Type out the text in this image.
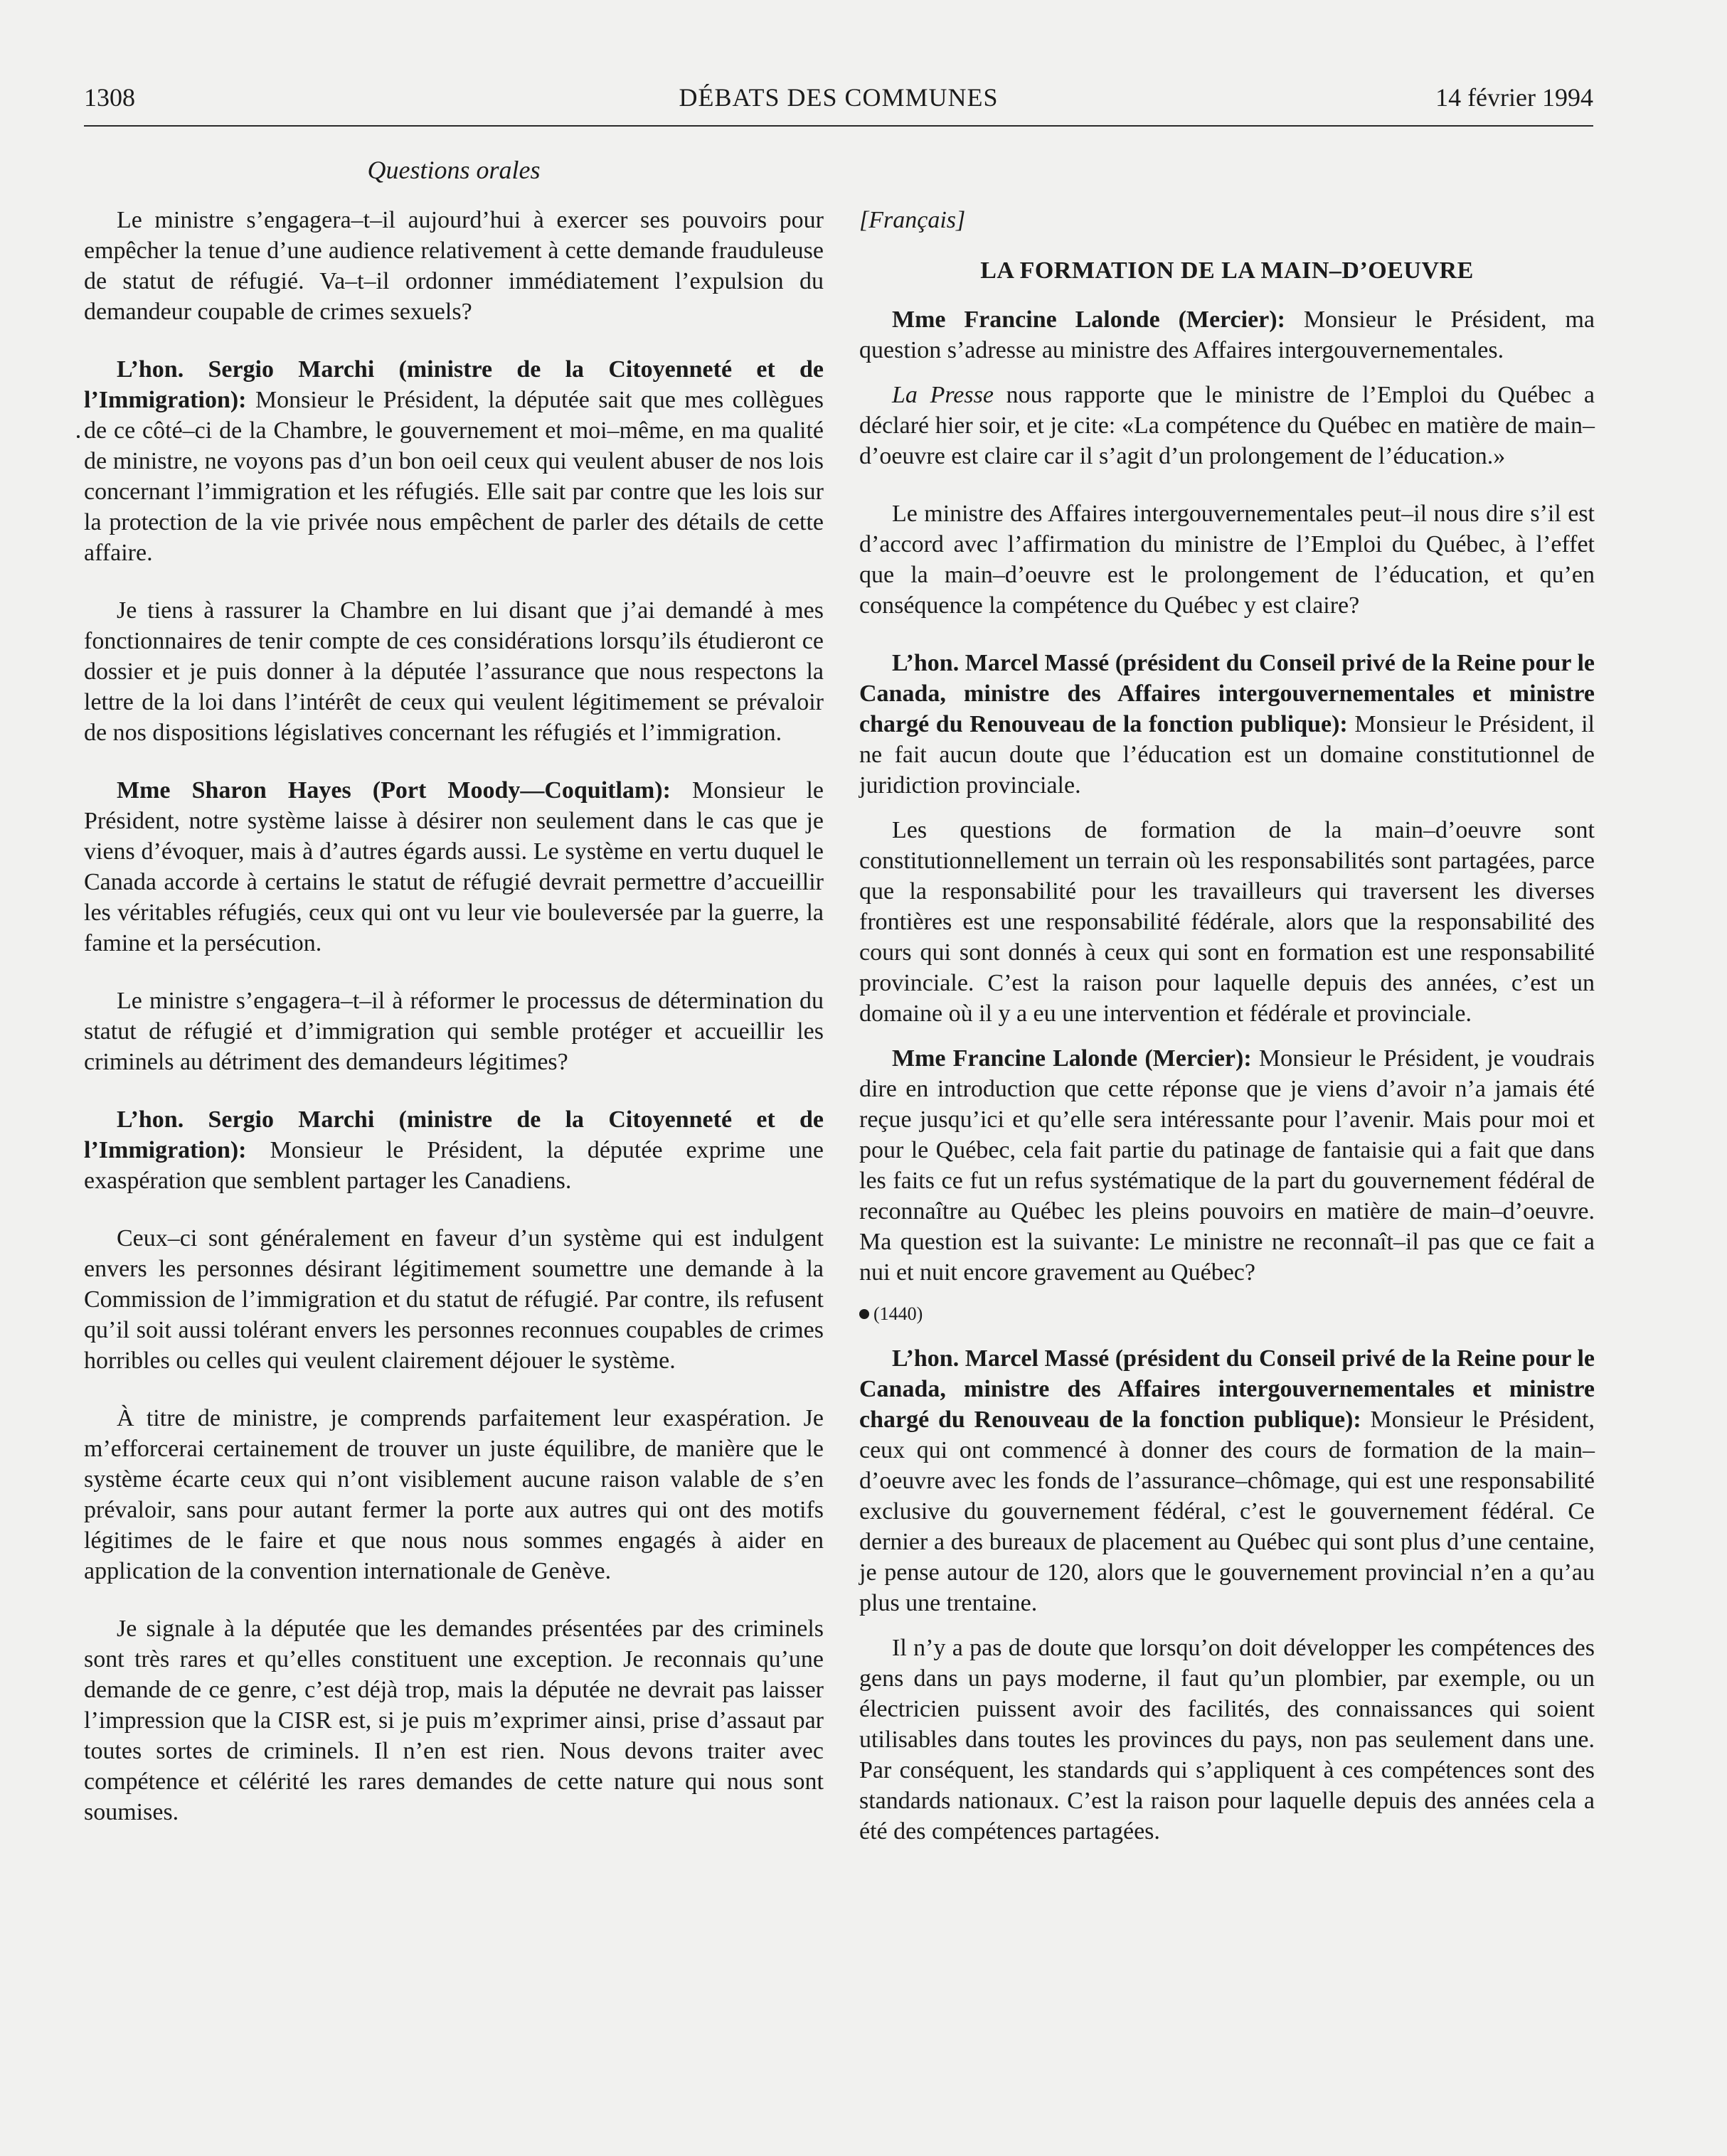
1308	DÉBATS DES COMMUNES	14 février 1994
Questions orales

Le ministre s’engagera–t–il aujourd’hui à exercer ses pouvoirs pour empêcher la tenue d’une audience relativement à cette demande frauduleuse de statut de réfugié. Va–t–il ordonner immédiatement l’expulsion du demandeur coupable de crimes sexuels?

L’hon. Sergio Marchi (ministre de la Citoyenneté et de l’Immigration): Monsieur le Président, la députée sait que mes collègues de ce côté–ci de la Chambre, le gouvernement et moi–même, en ma qualité de ministre, ne voyons pas d’un bon oeil ceux qui veulent abuser de nos lois concernant l’immigration et les réfugiés. Elle sait par contre que les lois sur la protection de la vie privée nous empêchent de parler des détails de cette affaire.

Je tiens à rassurer la Chambre en lui disant que j’ai demandé à mes fonctionnaires de tenir compte de ces considérations lorsqu’ils étudieront ce dossier et je puis donner à la députée l’assurance que nous respectons la lettre de la loi dans l’intérêt de ceux qui veulent légitimement se prévaloir de nos dispositions législatives concernant les réfugiés et l’immigration.

Mme Sharon Hayes (Port Moody—Coquitlam): Monsieur le Président, notre système laisse à désirer non seulement dans le cas que je viens d’évoquer, mais à d’autres égards aussi. Le système en vertu duquel le Canada accorde à certains le statut de réfugié devrait permettre d’accueillir les véritables réfugiés, ceux qui ont vu leur vie bouleversée par la guerre, la famine et la persécution.

Le ministre s’engagera–t–il à réformer le processus de détermination du statut de réfugié et d’immigration qui semble protéger et accueillir les criminels au détriment des demandeurs légitimes?

L’hon. Sergio Marchi (ministre de la Citoyenneté et de l’Immigration): Monsieur le Président, la députée exprime une exaspération que semblent partager les Canadiens.

Ceux–ci sont généralement en faveur d’un système qui est indulgent envers les personnes désirant légitimement soumettre une demande à la Commission de l’immigration et du statut de réfugié. Par contre, ils refusent qu’il soit aussi tolérant envers les personnes reconnues coupables de crimes horribles ou celles qui veulent clairement déjouer le système.

À titre de ministre, je comprends parfaitement leur exaspération. Je m’efforcerai certainement de trouver un juste équilibre, de manière que le système écarte ceux qui n’ont visiblement aucune raison valable de s’en prévaloir, sans pour autant fermer la porte aux autres qui ont des motifs légitimes de le faire et que nous nous sommes engagés à aider en application de la convention internationale de Genève.

Je signale à la députée que les demandes présentées par des criminels sont très rares et qu’elles constituent une exception. Je reconnais qu’une demande de ce genre, c’est déjà trop, mais la députée ne devrait pas laisser l’impression que la CISR est, si je puis m’exprimer ainsi, prise d’assaut par toutes sortes de criminels. Il n’en est rien. Nous devons traiter avec compétence et célérité les rares demandes de cette nature qui nous sont soumises.

[Français]

LA FORMATION DE LA MAIN–D’OEUVRE

Mme Francine Lalonde (Mercier): Monsieur le Président, ma question s’adresse au ministre des Affaires intergouvernementales.

La Presse nous rapporte que le ministre de l’Emploi du Québec a déclaré hier soir, et je cite: «La compétence du Québec en matière de main–d’oeuvre est claire car il s’agit d’un prolongement de l’éducation.»

Le ministre des Affaires intergouvernementales peut–il nous dire s’il est d’accord avec l’affirmation du ministre de l’Emploi du Québec, à l’effet que la main–d’oeuvre est le prolongement de l’éducation, et qu’en conséquence la compétence du Québec y est claire?

L’hon. Marcel Massé (président du Conseil privé de la Reine pour le Canada, ministre des Affaires intergouvernementales et ministre chargé du Renouveau de la fonction publique): Monsieur le Président, il ne fait aucun doute que l’éducation est un domaine constitutionnel de juridiction provinciale.

Les questions de formation de la main–d’oeuvre sont constitutionnellement un terrain où les responsabilités sont partagées, parce que la responsabilité pour les travailleurs qui traversent les diverses frontières est une responsabilité fédérale, alors que la responsabilité des cours qui sont donnés à ceux qui sont en formation est une responsabilité provinciale. C’est la raison pour laquelle depuis des années, c’est un domaine où il y a eu une intervention et fédérale et provinciale.

Mme Francine Lalonde (Mercier): Monsieur le Président, je voudrais dire en introduction que cette réponse que je viens d’avoir n’a jamais été reçue jusqu’ici et qu’elle sera intéressante pour l’avenir. Mais pour moi et pour le Québec, cela fait partie du patinage de fantaisie qui a fait que dans les faits ce fut un refus systématique de la part du gouvernement fédéral de reconnaître au Québec les pleins pouvoirs en matière de main–d’oeuvre. Ma question est la suivante: Le ministre ne reconnaît–il pas que ce fait a nui et nuit encore gravement au Québec?

(1440)

L’hon. Marcel Massé (président du Conseil privé de la Reine pour le Canada, ministre des Affaires intergouvernementales et ministre chargé du Renouveau de la fonction publique): Monsieur le Président, ceux qui ont commencé à donner des cours de formation de la main–d’oeuvre avec les fonds de l’assurance–chômage, qui est une responsabilité exclusive du gouvernement fédéral, c’est le gouvernement fédéral. Ce dernier a des bureaux de placement au Québec qui sont plus d’une centaine, je pense autour de 120, alors que le gouvernement provincial n’en a qu’au plus une trentaine.

Il n’y a pas de doute que lorsqu’on doit développer les compétences des gens dans un pays moderne, il faut qu’un plombier, par exemple, ou un électricien puissent avoir des facilités, des connaissances qui soient utilisables dans toutes les provinces du pays, non pas seulement dans une. Par conséquent, les standards qui s’appliquent à ces compétences sont des standards nationaux. C’est la raison pour laquelle depuis des années cela a été des compétences partagées.
